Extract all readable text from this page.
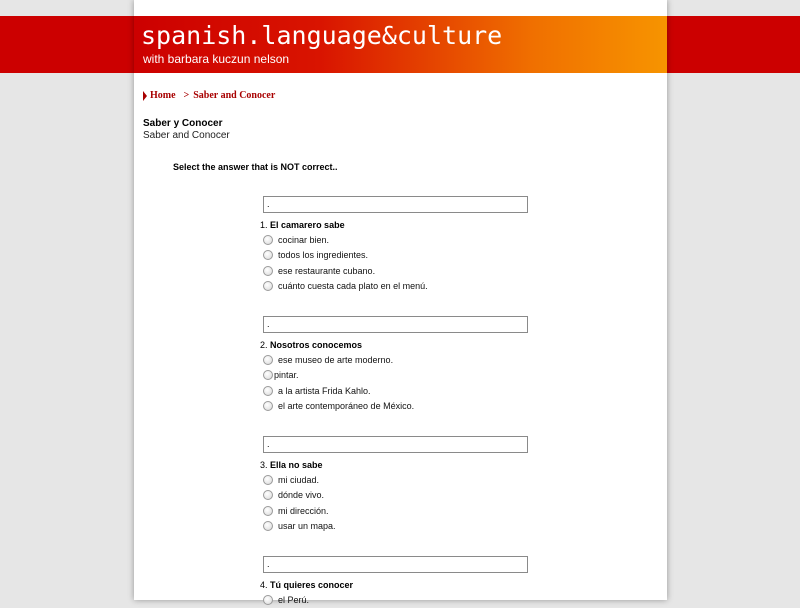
spanish.language&culture
with barbara kuczun nelson
Home > Saber and Conocer
Saber y Conocer
Saber and Conocer
Select the answer that is NOT correct..
.
1. El camarero sabe
cocinar bien.
todos los ingredientes.
ese restaurante cubano.
cuánto cuesta cada plato en el menú.
.
2. Nosotros conocemos
ese museo de arte moderno.
pintar.
a la artista Frida Kahlo.
el arte contemporáneo de México.
.
3. Ella no sabe
mi ciudad.
dónde vivo.
mi dirección.
usar un mapa.
.
4. Tú quieres conocer
el Perú.
